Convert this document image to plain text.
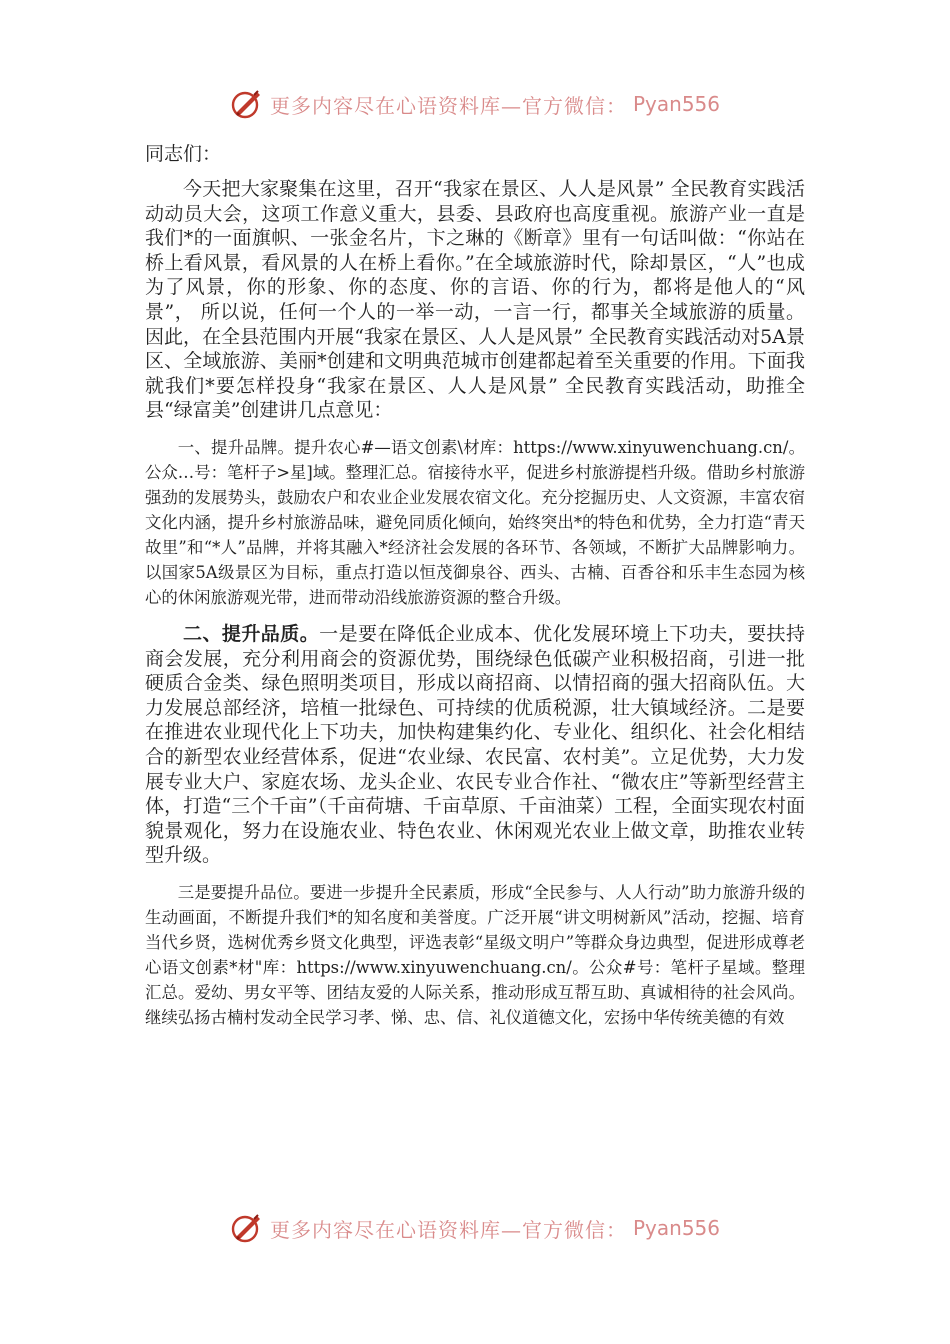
更多内容尽在心语资料库—官方微信： Pyan556
同志们：

今天把大家聚集在这里，召开“我家在景区、人人是风景” 全民教育实践活动动员大会，这项工作意义重大，县委、县政府也高度重视。旅游产业一直是我们*的一面旗帜、一张金名片，卞之琳的《断章》里有一句话叫做：“你站在桥上看风景，看风景的人在桥上看你。”在全域旅游时代，除却景区，“人”也成为了风景，你的形象、你的态度、你的言语、你的行为，都将是他人的“风景”， 所以说，任何一个人的一举一动，一言一行，都事关全域旅游的质量。因此，在全县范围内开展“我家在景区、人人是风景” 全民教育实践活动对5A景区、全域旅游、美丽*创建和文明典范城市创建都起着至关重要的作用。下面我就我们*要怎样投身“我家在景区、人人是风景” 全民教育实践活动，助推全县“绿富美”创建讲几点意见：

一、提升品牌。提升农心#—语文创素\材库：https://www.xinyuwenchuang.cn/。公众…号：笔杆子>星]域。整理汇总。宿接待水平，促进乡村旅游提档升级。借助乡村旅游强劲的发展势头，鼓励农户和农业企业发展农宿文化。充分挖掘历史、人文资源，丰富农宿文化内涵，提升乡村旅游品味，避免同质化倾向，始终突出*的特色和优势，全力打造“青天故里”和“*人”品牌，并将其融入*经济社会发展的各环节、各领域，不断扩大品牌影响力。以国家5A级景区为目标，重点打造以恒茂御泉谷、西头、古楠、百香谷和乐丰生态园为核心的休闲旅游观光带，进而带动沿线旅游资源的整合升级。

二、提升品质。一是要在降低企业成本、优化发展环境上下功夫，要扶持商会发展，充分利用商会的资源优势，围绕绿色低碳产业积极招商，引进一批硬质合金类、绿色照明类项目，形成以商招商、以情招商的强大招商队伍。大力发展总部经济，培植一批绿色、可持续的优质税源，壮大镇域经济。二是要在推进农业现代化上下功夫，加快构建集约化、专业化、组织化、社会化相结合的新型农业经营体系，促进“农业绿、农民富、农村美”。立足优势，大力发展专业大户、家庭农场、龙头企业、农民专业合作社、“微农庄”等新型经营主体，打造“三个千亩”（千亩荷塘、千亩草原、千亩油菜）工程，全面实现农村面貌景观化，努力在设施农业、特色农业、休闲观光农业上做文章，助推农业转型升级。

三是要提升品位。要进一步提升全民素质，形成“全民参与、人人行动”助力旅游升级的生动画面，不断提升我们*的知名度和美誉度。广泛开展“讲文明树新风”活动，挖掘、培育当代乡贤，选树优秀乡贤文化典型，评选表彰“星级文明户”等群众身边典型，促进形成尊老心语文创素*材"库：https://www.xinyuwenchuang.cn/。公众#号：笔杆子星域。整理汇总。爱幼、男女平等、团结友爱的人际关系，推动形成互帮互助、真诚相待的社会风尚。继续弘扬古楠村发动全民学习孝、悌、忠、信、礼仪道德文化，宏扬中华传统美德的有效

更多内容尽在心语资料库—官方微信： Pyan556
